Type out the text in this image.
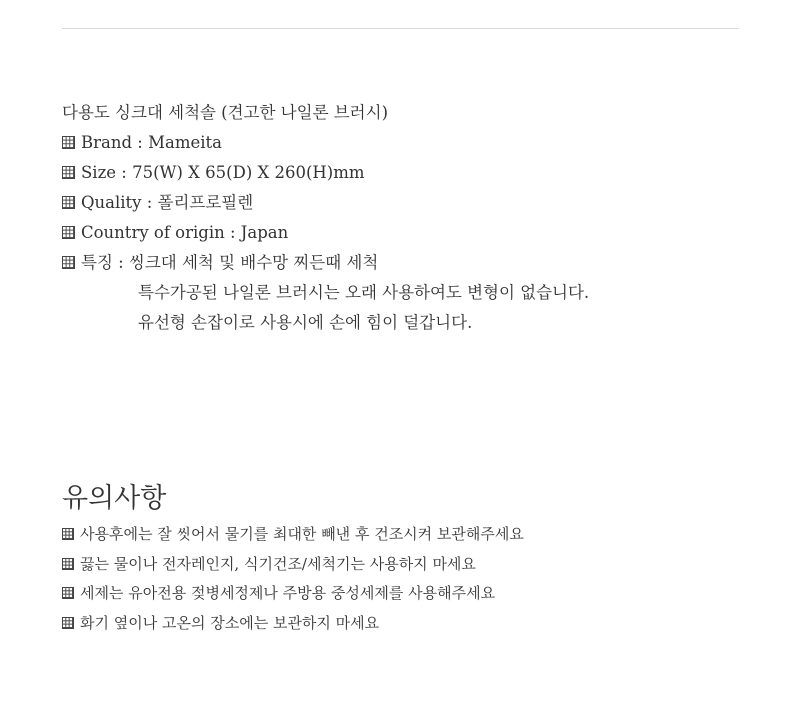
다용도 싱크대 세척솔 (견고한 나일론 브러시)
Brand : Mameita
Size : 75(W) X 65(D) X 260(H)mm
Quality : 폴리프로필렌
Country of origin : Japan
특징 : 씽크대 세척 및 배수망 찌든때 세척
특수가공된 나일론 브러시는 오래 사용하여도 변형이 없습니다.
유선형 손잡이로 사용시에 손에 힘이 덜갑니다.
유의사항
사용후에는 잘 씻어서 물기를 최대한 빼낸 후 건조시켜 보관해주세요
끓는 물이나 전자레인지, 식기건조/세척기는 사용하지 마세요
세제는 유아전용 젖병세정제나 주방용 중성세제를 사용해주세요
화기 옆이나 고온의 장소에는 보관하지 마세요
